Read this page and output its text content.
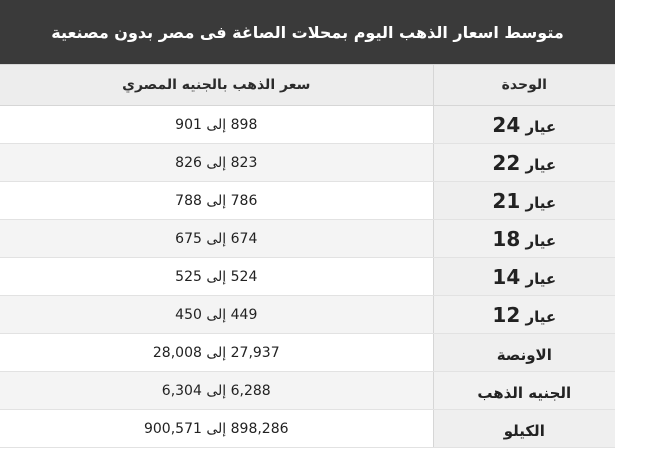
متوسط اسعار الذهب اليوم بمحلات الصاغة فى مصر بدون مصنعية	
الوحدة	سعر الذهب بالجنيه المصري
عيار 24	898 إلى 901
عيار 22	823 إلى 826
عيار 21	786 إلى 788
عيار 18	674 إلى 675
عيار 14	524 إلى 525
عيار 12	449 إلى 450
الاونصة	27,937 إلى 28,008
الجنيه الذهب	6,288 إلى 6,304
الكيلو	898,286 إلى 900,571
